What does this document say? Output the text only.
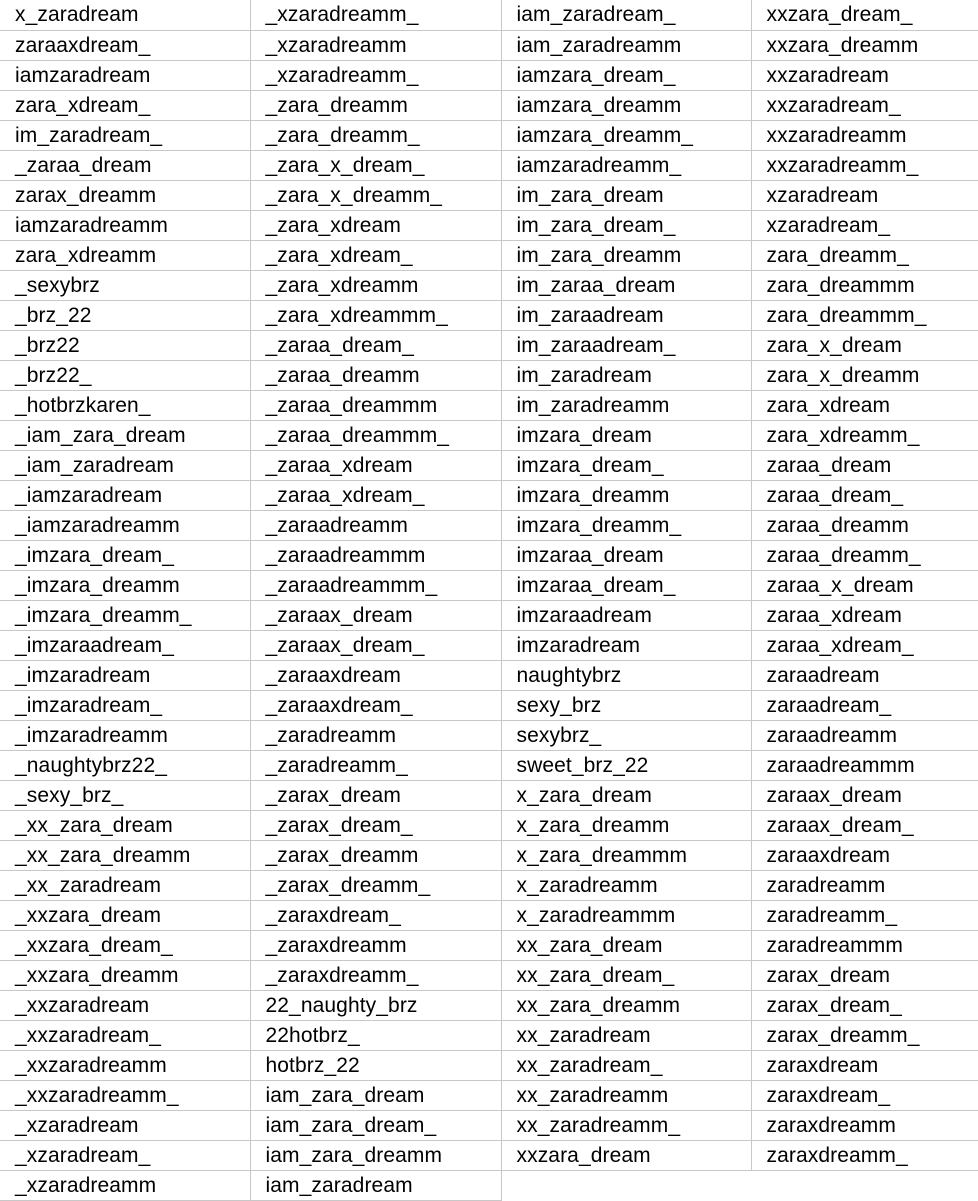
x_zaradream	_xzaradreamm_	iam_zaradream_	xxzara_dream_
zaraaxdream_	_xzaradreamm	iam_zaradreamm	xxzara_dreamm
iamzaradream	_xzaradreamm_	iamzara_dream_	xxzaradream
zara_xdream_	_zara_dreamm	iamzara_dreamm	xxzaradream_
im_zaradream_	_zara_dreamm_	iamzara_dreamm_	xxzaradreamm
_zaraa_dream	_zara_x_dream_	iamzaradreamm_	xxzaradreamm_
zarax_dreamm	_zara_x_dreamm_	im_zara_dream	xzaradream
iamzaradreamm	_zara_xdream	im_zara_dream_	xzaradream_
zara_xdreamm	_zara_xdream_	im_zara_dreamm	zara_dreamm_
_sexybrz	_zara_xdreamm	im_zaraa_dream	zara_dreammm
_brz_22	_zara_xdreammm_	im_zaraadream	zara_dreammm_
_brz22	_zaraa_dream_	im_zaraadream_	zara_x_dream
_brz22_	_zaraa_dreamm	im_zaradream	zara_x_dreamm
_hotbrzkaren_	_zaraa_dreammm	im_zaradreamm	zara_xdream
_iam_zara_dream	_zaraa_dreammm_	imzara_dream	zara_xdreamm_
_iam_zaradream	_zaraa_xdream	imzara_dream_	zaraa_dream
_iamzaradream	_zaraa_xdream_	imzara_dreamm	zaraa_dream_
_iamzaradreamm	_zaraadreamm	imzara_dreamm_	zaraa_dreamm
_imzara_dream_	_zaraadreammm	imzaraa_dream	zaraa_dreamm_
_imzara_dreamm	_zaraadreammm_	imzaraa_dream_	zaraa_x_dream
_imzara_dreamm_	_zaraax_dream	imzaraadream	zaraa_xdream
_imzaraadream_	_zaraax_dream_	imzaradream	zaraa_xdream_
_imzaradream	_zaraaxdream	naughtybrz	zaraadream
_imzaradream_	_zaraaxdream_	sexy_brz	zaraadream_
_imzaradreamm	_zaradreamm	sexybrz_	zaraadreamm
_naughtybrz22_	_zaradreamm_	sweet_brz_22	zaraadreammm
_sexy_brz_	_zarax_dream	x_zara_dream	zaraax_dream
_xx_zara_dream	_zarax_dream_	x_zara_dreamm	zaraax_dream_
_xx_zara_dreamm	_zarax_dreamm	x_zara_dreammm	zaraaxdream
_xx_zaradream	_zarax_dreamm_	x_zaradreamm	zaradreamm
_xxzara_dream	_zaraxdream_	x_zaradreammm	zaradreamm_
_xxzara_dream_	_zaraxdreamm	xx_zara_dream	zaradreammm
_xxzara_dreamm	_zaraxdreamm_	xx_zara_dream_	zarax_dream
_xxzaradream	22_naughty_brz	xx_zara_dreamm	zarax_dream_
_xxzaradream_	22hotbrz_	xx_zaradream	zarax_dreamm_
_xxzaradreamm	hotbrz_22	xx_zaradream_	zaraxdream
_xxzaradreamm_	iam_zara_dream	xx_zaradreamm	zaraxdream_
_xzaradream	iam_zara_dream_	xx_zaradreamm_	zaraxdreamm
_xzaradream_	iam_zara_dreamm	xxzara_dream	zaraxdreamm_
_xzaradreamm	iam_zaradream		
